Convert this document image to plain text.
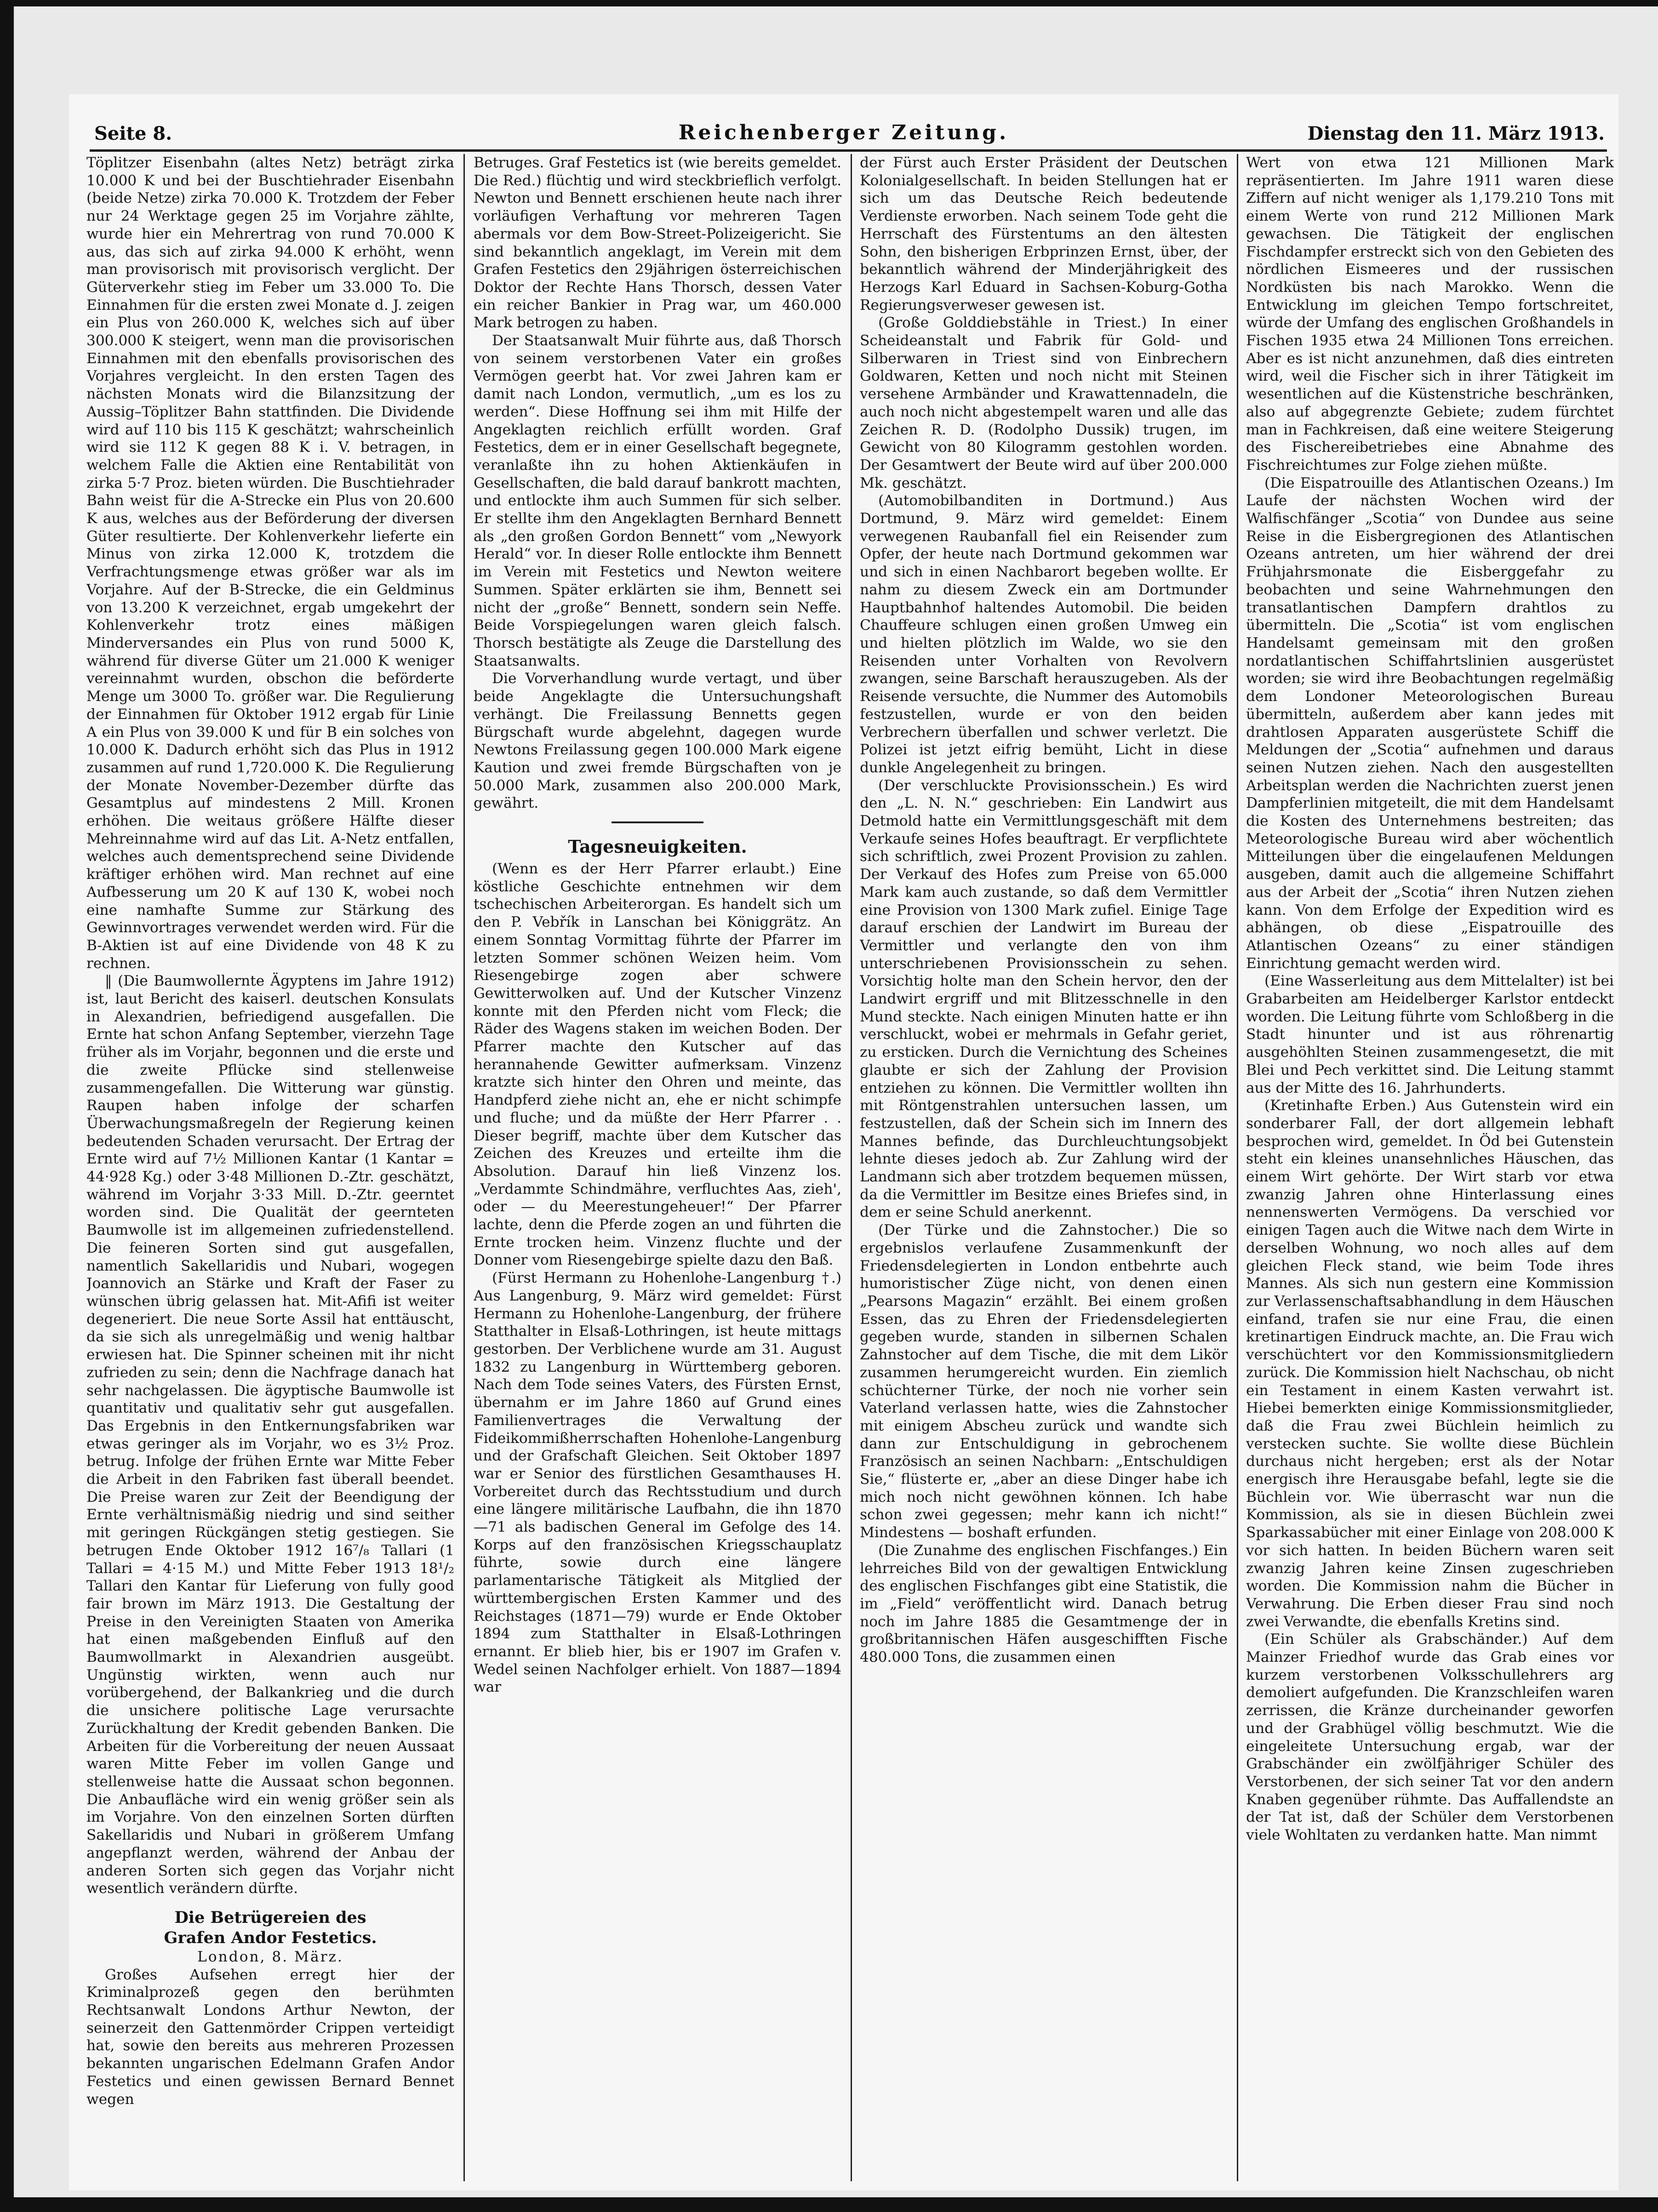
Reichenberger Zeitung.
Seite 8.	Dienstag den 11. März 1913.

Töplitzer Eisenbahn (altes Netz) beträgt zirka 10.000 K und bei der Buschtiehrader Eisenbahn (beide Netze) zirka 70.000 K. Trotzdem der Feber nur 24 Werktage gegen 25 im Vorjahre zählte, wurde hier ein Mehrertrag von rund 70.000 K aus, das sich auf zirka 94.000 K erhöht, wenn man provisorisch mit provisorisch verglicht. Der Güterverkehr stieg im Feber um 33.000 To. Die Einnahmen für die ersten zwei Monate d. J. zeigen ein Plus von 260.000 K, welches sich auf über 300.000 K steigert, wenn man die provisorischen Einnahmen mit den ebenfalls provisorischen des Vorjahres vergleicht. In den ersten Tagen des nächsten Monats wird die Bilanzsitzung der Aussig–Töplitzer Bahn stattfinden. Die Dividende wird auf 110 bis 115 K geschätzt; wahrscheinlich wird sie 112 K gegen 88 K i. V. betragen, in welchem Falle die Aktien eine Rentabilität von zirka 5·7 Proz. bieten würden. Die Buschtiehrader Bahn weist für die A-Strecke ein Plus von 20.600 K aus, welches aus der Beförderung der diversen Güter resultierte. Der Kohlenverkehr lieferte ein Minus von zirka 12.000 K, trotzdem die Verfrachtungsmenge etwas größer war als im Vorjahre. Auf der B-Strecke, die ein Geldminus von 13.200 K verzeichnet, ergab umgekehrt der Kohlenverkehr trotz eines mäßigen Minderversandes ein Plus von rund 5000 K, während für diverse Güter um 21.000 K weniger vereinnahmt wurden, obschon die beförderte Menge um 3000 To. größer war. Die Regulierung der Einnahmen für Oktober 1912 ergab für Linie A ein Plus von 39.000 K und für B ein solches von 10.000 K. Dadurch erhöht sich das Plus in 1912 zusammen auf rund 1,720.000 K. Die Regulierung der Monate November-Dezember dürfte das Gesamtplus auf mindestens 2 Mill. Kronen erhöhen. Die weitaus größere Hälfte dieser Mehreinnahme wird auf das Lit. A-Netz entfallen, welches auch dementsprechend seine Dividende kräftiger erhöhen wird. Man rechnet auf eine Aufbesserung um 20 K auf 130 K, wobei noch eine namhafte Summe zur Stärkung des Gewinnvortrages verwendet werden wird. Für die B-Aktien ist auf eine Dividende von 48 K zu rechnen.

‖ (Die Baumwollernte Ägyptens im Jahre 1912) ist, laut Bericht des kaiserl. deutschen Konsulats in Alexandrien, befriedigend ausgefallen. Die Ernte hat schon Anfang September, vierzehn Tage früher als im Vorjahr, begonnen und die erste und die zweite Pflücke sind stellenweise zusammengefallen. Die Witterung war günstig. Raupen haben infolge der scharfen Überwachungsmaßregeln der Regierung keinen bedeutenden Schaden verursacht. Der Ertrag der Ernte wird auf 7½ Millionen Kantar (1 Kantar = 44·928 Kg.) oder 3·48 Millionen D.-Ztr. geschätzt, während im Vorjahr 3·33 Mill. D.-Ztr. geerntet worden sind. Die Qualität der geernteten Baumwolle ist im allgemeinen zufriedenstellend. Die feineren Sorten sind gut ausgefallen, namentlich Sakellaridis und Nubari, wogegen Joannovich an Stärke und Kraft der Faser zu wünschen übrig gelassen hat. Mit-Afifi ist weiter degeneriert. Die neue Sorte Assil hat enttäuscht, da sie sich als unregelmäßig und wenig haltbar erwiesen hat. Die Spinner scheinen mit ihr nicht zufrieden zu sein; denn die Nachfrage danach hat sehr nachgelassen. Die ägyptische Baumwolle ist quantitativ und qualitativ sehr gut ausgefallen. Das Ergebnis in den Entkernungsfabriken war etwas geringer als im Vorjahr, wo es 3½ Proz. betrug. Infolge der frühen Ernte war Mitte Feber die Arbeit in den Fabriken fast überall beendet. Die Preise waren zur Zeit der Beendigung der Ernte verhältnismäßig niedrig und sind seither mit geringen Rückgängen stetig gestiegen. Sie betrugen Ende Oktober 1912 16⁷/₈ Tallari (1 Tallari = 4·15 M.) und Mitte Feber 1913 18¹/₂ Tallari den Kantar für Lieferung von fully good fair brown im März 1913. Die Gestaltung der Preise in den Vereinigten Staaten von Amerika hat einen maßgebenden Einfluß auf den Baumwollmarkt in Alexandrien ausgeübt. Ungünstig wirkten, wenn auch nur vorübergehend, der Balkankrieg und die durch die unsichere politische Lage verursachte Zurückhaltung der Kredit gebenden Banken. Die Arbeiten für die Vorbereitung der neuen Aussaat waren Mitte Feber im vollen Gange und stellenweise hatte die Aussaat schon begonnen. Die Anbaufläche wird ein wenig größer sein als im Vorjahre. Von den einzelnen Sorten dürften Sakellaridis und Nubari in größerem Umfang angepflanzt werden, während der Anbau der anderen Sorten sich gegen das Vorjahr nicht wesentlich verändern dürfte.

Die Betrügereien des

Grafen Andor Festetics.

London, 8. März.

Großes Aufsehen erregt hier der Kriminalprozeß gegen den berühmten Rechtsanwalt Londons Arthur Newton, der seinerzeit den Gattenmörder Crippen verteidigt hat, sowie den bereits aus mehreren Prozessen bekannten ungarischen Edelmann Grafen Andor Festetics und einen gewissen Bernard Bennet wegen

Betruges. Graf Festetics ist (wie bereits gemeldet. Die Red.) flüchtig und wird steckbrieflich verfolgt. Newton und Bennett erschienen heute nach ihrer vorläufigen Verhaftung vor mehreren Tagen abermals vor dem Bow-Street-Polizeigericht. Sie sind bekanntlich angeklagt, im Verein mit dem Grafen Festetics den 29jährigen österreichischen Doktor der Rechte Hans Thorsch, dessen Vater ein reicher Bankier in Prag war, um 460.000 Mark betrogen zu haben.

Der Staatsanwalt Muir führte aus, daß Thorsch von seinem verstorbenen Vater ein großes Vermögen geerbt hat. Vor zwei Jahren kam er damit nach London, vermutlich, „um es los zu werden“. Diese Hoffnung sei ihm mit Hilfe der Angeklagten reichlich erfüllt worden. Graf Festetics, dem er in einer Gesellschaft begegnete, veranlaßte ihn zu hohen Aktienkäufen in Gesellschaften, die bald darauf bankrott machten, und entlockte ihm auch Summen für sich selber. Er stellte ihm den Angeklagten Bernhard Bennett als „den großen Gordon Bennett“ vom „Newyork Herald“ vor. In dieser Rolle entlockte ihm Bennett im Verein mit Festetics und Newton weitere Summen. Später erklärten sie ihm, Bennett sei nicht der „große“ Bennett, sondern sein Neffe. Beide Vorspiegelungen waren gleich falsch. Thorsch bestätigte als Zeuge die Darstellung des Staatsanwalts.

Die Vorverhandlung wurde vertagt, und über beide Angeklagte die Untersuchungshaft verhängt. Die Freilassung Bennetts gegen Bürgschaft wurde abgelehnt, dagegen wurde Newtons Freilassung gegen 100.000 Mark eigene Kaution und zwei fremde Bürgschaften von je 50.000 Mark, zusammen also 200.000 Mark, gewährt.

Tagesneuigkeiten.

(Wenn es der Herr Pfarrer erlaubt.) Eine köstliche Geschichte entnehmen wir dem tschechischen Arbeiterorgan. Es handelt sich um den P. Vebřík in Lanschan bei Königgrätz. An einem Sonntag Vormittag führte der Pfarrer im letzten Sommer schönen Weizen heim. Vom Riesengebirge zogen aber schwere Gewitterwolken auf. Und der Kutscher Vinzenz konnte mit den Pferden nicht vom Fleck; die Räder des Wagens staken im weichen Boden. Der Pfarrer machte den Kutscher auf das herannahende Gewitter aufmerksam. Vinzenz kratzte sich hinter den Ohren und meinte, das Handpferd ziehe nicht an, ehe er nicht schimpfe und fluche; und da müßte der Herr Pfarrer . . Dieser begriff, machte über dem Kutscher das Zeichen des Kreuzes und erteilte ihm die Absolution. Darauf hin ließ Vinzenz los. „Verdammte Schindmähre, verfluchtes Aas, zieh', oder — du Meerestungeheuer!“ Der Pfarrer lachte, denn die Pferde zogen an und führten die Ernte trocken heim. Vinzenz fluchte und der Donner vom Riesengebirge spielte dazu den Baß.

(Fürst Hermann zu Hohenlohe-Langenburg †.) Aus Langenburg, 9. März wird gemeldet: Fürst Hermann zu Hohenlohe-Langenburg, der frühere Statthalter in Elsaß-Lothringen, ist heute mittags gestorben. Der Verblichene wurde am 31. August 1832 zu Langenburg in Württemberg geboren. Nach dem Tode seines Vaters, des Fürsten Ernst, übernahm er im Jahre 1860 auf Grund eines Familienvertrages die Verwaltung der Fideikommißherrschaften Hohenlohe-Langenburg und der Grafschaft Gleichen. Seit Oktober 1897 war er Senior des fürstlichen Gesamthauses H. Vorbereitet durch das Rechtsstudium und durch eine längere militärische Laufbahn, die ihn 1870—71 als badischen General im Gefolge des 14. Korps auf den französischen Kriegsschauplatz führte, sowie durch eine längere parlamentarische Tätigkeit als Mitglied der württembergischen Ersten Kammer und des Reichstages (1871—79) wurde er Ende Oktober 1894 zum Statthalter in Elsaß-Lothringen ernannt. Er blieb hier, bis er 1907 im Grafen v. Wedel seinen Nachfolger erhielt. Von 1887—1894 war

der Fürst auch Erster Präsident der Deutschen Kolonialgesellschaft. In beiden Stellungen hat er sich um das Deutsche Reich bedeutende Verdienste erworben. Nach seinem Tode geht die Herrschaft des Fürstentums an den ältesten Sohn, den bisherigen Erbprinzen Ernst, über, der bekanntlich während der Minderjährigkeit des Herzogs Karl Eduard in Sachsen-Koburg-Gotha Regierungsverweser gewesen ist.

(Große Golddiebstähle in Triest.) In einer Scheideanstalt und Fabrik für Gold- und Silberwaren in Triest sind von Einbrechern Goldwaren, Ketten und noch nicht mit Steinen versehene Armbänder und Krawattennadeln, die auch noch nicht abgestempelt waren und alle das Zeichen R. D. (Rodolpho Dussik) trugen, im Gewicht von 80 Kilogramm gestohlen worden. Der Gesamtwert der Beute wird auf über 200.000 Mk. geschätzt.

(Automobilbanditen in Dortmund.) Aus Dortmund, 9. März wird gemeldet: Einem verwegenen Raubanfall fiel ein Reisender zum Opfer, der heute nach Dortmund gekommen war und sich in einen Nachbarort begeben wollte. Er nahm zu diesem Zweck ein am Dortmunder Hauptbahnhof haltendes Automobil. Die beiden Chauffeure schlugen einen großen Umweg ein und hielten plötzlich im Walde, wo sie den Reisenden unter Vorhalten von Revolvern zwangen, seine Barschaft herauszugeben. Als der Reisende versuchte, die Nummer des Automobils festzustellen, wurde er von den beiden Verbrechern überfallen und schwer verletzt. Die Polizei ist jetzt eifrig bemüht, Licht in diese dunkle Angelegenheit zu bringen.

(Der verschluckte Provisionsschein.) Es wird den „L. N. N.“ geschrieben: Ein Landwirt aus Detmold hatte ein Vermittlungsgeschäft mit dem Verkaufe seines Hofes beauftragt. Er verpflichtete sich schriftlich, zwei Prozent Provision zu zahlen. Der Verkauf des Hofes zum Preise von 65.000 Mark kam auch zustande, so daß dem Vermittler eine Provision von 1300 Mark zufiel. Einige Tage darauf erschien der Landwirt im Bureau der Vermittler und verlangte den von ihm unterschriebenen Provisionsschein zu sehen. Vorsichtig holte man den Schein hervor, den der Landwirt ergriff und mit Blitzesschnelle in den Mund steckte. Nach einigen Minuten hatte er ihn verschluckt, wobei er mehrmals in Gefahr geriet, zu ersticken. Durch die Vernichtung des Scheines glaubte er sich der Zahlung der Provision entziehen zu können. Die Vermittler wollten ihn mit Röntgenstrahlen untersuchen lassen, um festzustellen, daß der Schein sich im Innern des Mannes befinde, das Durchleuchtungsobjekt lehnte dieses jedoch ab. Zur Zahlung wird der Landmann sich aber trotzdem bequemen müssen, da die Vermittler im Besitze eines Briefes sind, in dem er seine Schuld anerkennt.

(Der Türke und die Zahnstocher.) Die so ergebnislos verlaufene Zusammenkunft der Friedensdelegierten in London entbehrte auch humoristischer Züge nicht, von denen einen „Pearsons Magazin“ erzählt. Bei einem großen Essen, das zu Ehren der Friedensdelegierten gegeben wurde, standen in silbernen Schalen Zahnstocher auf dem Tische, die mit dem Likör zusammen herumgereicht wurden. Ein ziemlich schüchterner Türke, der noch nie vorher sein Vaterland verlassen hatte, wies die Zahnstocher mit einigem Abscheu zurück und wandte sich dann zur Entschuldigung in gebrochenem Französisch an seinen Nachbarn: „Entschuldigen Sie,“ flüsterte er, „aber an diese Dinger habe ich mich noch nicht gewöhnen können. Ich habe schon zwei gegessen; mehr kann ich nicht!“ Mindestens — boshaft erfunden.

(Die Zunahme des englischen Fischfanges.) Ein lehrreiches Bild von der gewaltigen Entwicklung des englischen Fischfanges gibt eine Statistik, die im „Field“ veröffentlicht wird. Danach betrug noch im Jahre 1885 die Gesamtmenge der in großbritannischen Häfen ausgeschifften Fische 480.000 Tons, die zusammen einen

Wert von etwa 121 Millionen Mark repräsentierten. Im Jahre 1911 waren diese Ziffern auf nicht weniger als 1,179.210 Tons mit einem Werte von rund 212 Millionen Mark gewachsen. Die Tätigkeit der englischen Fischdampfer erstreckt sich von den Gebieten des nördlichen Eismeeres und der russischen Nordküsten bis nach Marokko. Wenn die Entwicklung im gleichen Tempo fortschreitet, würde der Umfang des englischen Großhandels in Fischen 1935 etwa 24 Millionen Tons erreichen. Aber es ist nicht anzunehmen, daß dies eintreten wird, weil die Fischer sich in ihrer Tätigkeit im wesentlichen auf die Küstenstriche beschränken, also auf abgegrenzte Gebiete; zudem fürchtet man in Fachkreisen, daß eine weitere Steigerung des Fischereibetriebes eine Abnahme des Fischreichtumes zur Folge ziehen müßte.

(Die Eispatrouille des Atlantischen Ozeans.) Im Laufe der nächsten Wochen wird der Walfischfänger „Scotia“ von Dundee aus seine Reise in die Eisbergregionen des Atlantischen Ozeans antreten, um hier während der drei Frühjahrsmonate die Eisberggefahr zu beobachten und seine Wahrnehmungen den transatlantischen Dampfern drahtlos zu übermitteln. Die „Scotia“ ist vom englischen Handelsamt gemeinsam mit den großen nordatlantischen Schiffahrtslinien ausgerüstet worden; sie wird ihre Beobachtungen regelmäßig dem Londoner Meteorologischen Bureau übermitteln, außerdem aber kann jedes mit drahtlosen Apparaten ausgerüstete Schiff die Meldungen der „Scotia“ aufnehmen und daraus seinen Nutzen ziehen. Nach den ausgestellten Arbeitsplan werden die Nachrichten zuerst jenen Dampferlinien mitgeteilt, die mit dem Handelsamt die Kosten des Unternehmens bestreiten; das Meteorologische Bureau wird aber wöchentlich Mitteilungen über die eingelaufenen Meldungen ausgeben, damit auch die allgemeine Schiffahrt aus der Arbeit der „Scotia“ ihren Nutzen ziehen kann. Von dem Erfolge der Expedition wird es abhängen, ob diese „Eispatrouille des Atlantischen Ozeans“ zu einer ständigen Einrichtung gemacht werden wird.

(Eine Wasserleitung aus dem Mittelalter) ist bei Grabarbeiten am Heidelberger Karlstor entdeckt worden. Die Leitung führte vom Schloßberg in die Stadt hinunter und ist aus röhrenartig ausgehöhlten Steinen zusammengesetzt, die mit Blei und Pech verkittet sind. Die Leitung stammt aus der Mitte des 16. Jahrhunderts.

(Kretinhafte Erben.) Aus Gutenstein wird ein sonderbarer Fall, der dort allgemein lebhaft besprochen wird, gemeldet. In Öd bei Gutenstein steht ein kleines unansehnliches Häuschen, das einem Wirt gehörte. Der Wirt starb vor etwa zwanzig Jahren ohne Hinterlassung eines nennenswerten Vermögens. Da verschied vor einigen Tagen auch die Witwe nach dem Wirte in derselben Wohnung, wo noch alles auf dem gleichen Fleck stand, wie beim Tode ihres Mannes. Als sich nun gestern eine Kommission zur Verlassenschaftsabhandlung in dem Häuschen einfand, trafen sie nur eine Frau, die einen kretinartigen Eindruck machte, an. Die Frau wich verschüchtert vor den Kommissionsmitgliedern zurück. Die Kommission hielt Nachschau, ob nicht ein Testament in einem Kasten verwahrt ist. Hiebei bemerkten einige Kommissionsmitglieder, daß die Frau zwei Büchlein heimlich zu verstecken suchte. Sie wollte diese Büchlein durchaus nicht hergeben; erst als der Notar energisch ihre Herausgabe befahl, legte sie die Büchlein vor. Wie überrascht war nun die Kommission, als sie in diesen Büchlein zwei Sparkassabücher mit einer Einlage von 208.000 K vor sich hatten. In beiden Büchern waren seit zwanzig Jahren keine Zinsen zugeschrieben worden. Die Kommission nahm die Bücher in Verwahrung. Die Erben dieser Frau sind noch zwei Verwandte, die ebenfalls Kretins sind.

(Ein Schüler als Grabschänder.) Auf dem Mainzer Friedhof wurde das Grab eines vor kurzem verstorbenen Volksschullehrers arg demoliert aufgefunden. Die Kranzschleifen waren zerrissen, die Kränze durcheinander geworfen und der Grabhügel völlig beschmutzt. Wie die eingeleitete Untersuchung ergab, war der Grabschänder ein zwölfjähriger Schüler des Verstorbenen, der sich seiner Tat vor den andern Knaben gegenüber rühmte. Das Auffallendste an der Tat ist, daß der Schüler dem Verstorbenen viele Wohltaten zu verdanken hatte. Man nimmt
